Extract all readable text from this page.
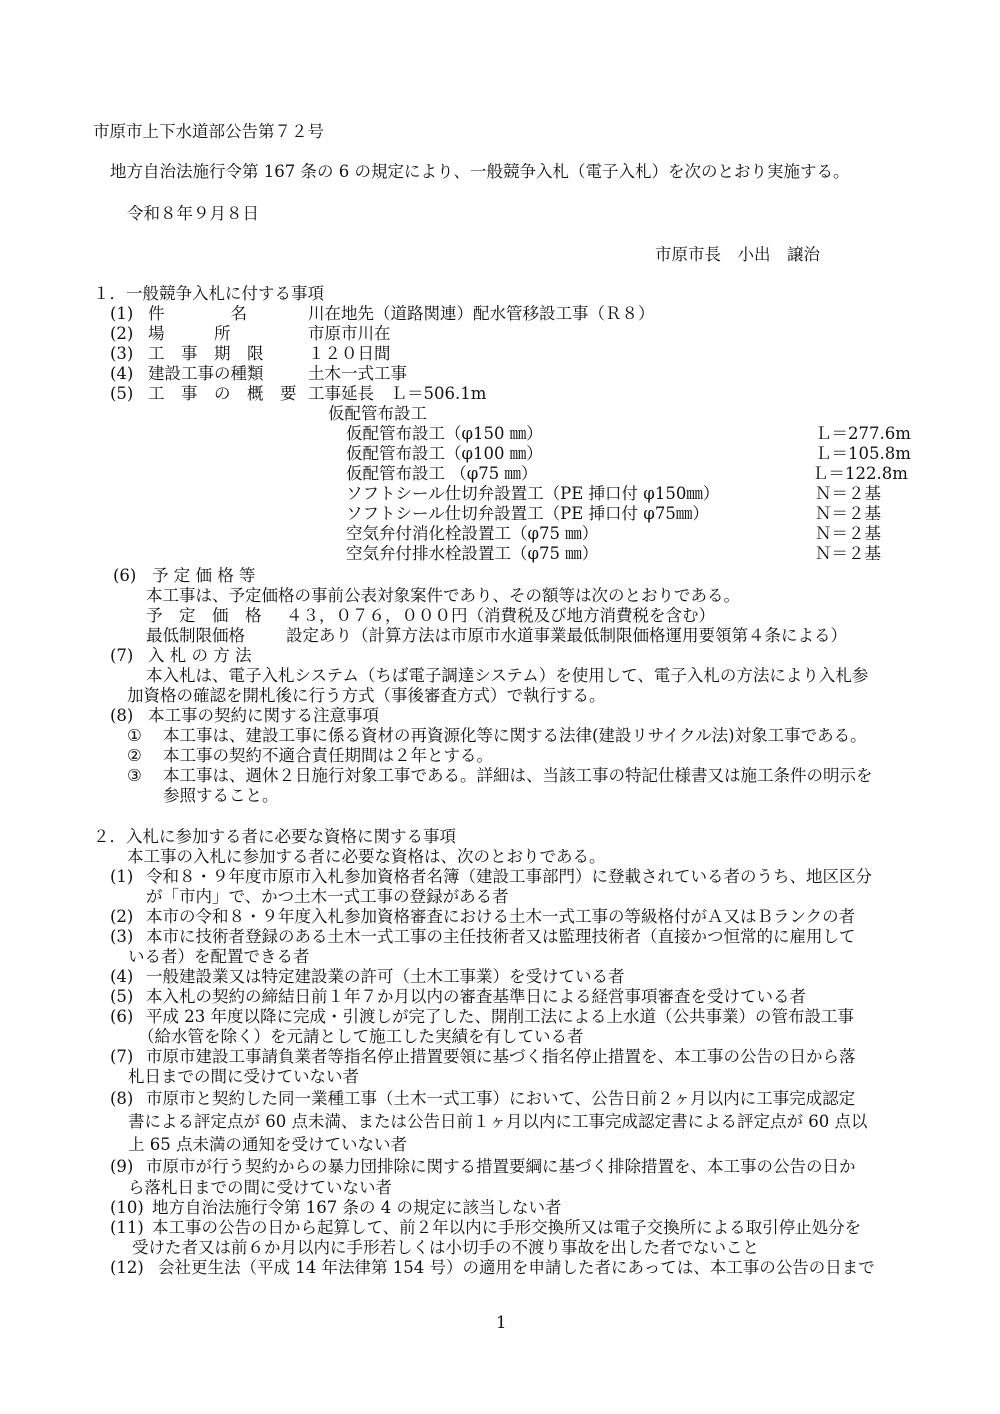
市原市上下水道部公告第７２号
地方自治法施行令第 167 条の 6 の規定により、一般競争入札（電子入札）を次のとおり実施する。
令和８年９月８日
市原市長　小出　譲治
１．一般競争入札に付する事項
(1) 件　　　　名	川在地先（道路関連）配水管移設工事（Ｒ８）
(2) 場　　　所	市原市川在
(3) 工　事　期　限	１２０日間
(4) 建設工事の種類	土木一式工事
(5) 工　事　の　概　要 工事延長　Ｌ＝506.1m
仮配管布設工
仮配管布設工（φ150 ㎜）	Ｌ＝277.6m
仮配管布設工（φ100 ㎜）	Ｌ＝105.8m
仮配管布設工 （φ75 ㎜）	Ｌ＝122.8m
ソフトシール仕切弁設置工（PE 挿口付 φ150㎜）	Ｎ＝２基
ソフトシール仕切弁設置工（PE 挿口付 φ75㎜）	Ｎ＝２基
空気弁付消化栓設置工（φ75 ㎜）	Ｎ＝２基
空気弁付排水栓設置工（φ75 ㎜）	Ｎ＝２基
(6) 予 定 価 格 等
本工事は、予定価格の事前公表対象案件であり、その額等は次のとおりである。
予　定　価　格 ４３，０７６，０００円（消費税及び地方消費税を含む）
最低制限価格 設定あり（計算方法は市原市水道事業最低制限価格運用要領第４条による）
(7) 入 札 の 方 法
本入札は、電子入札システム（ちば電子調達システム）を使用して、電子入札の方法により入札参
加資格の確認を開札後に行う方式（事後審査方式）で執行する。
(8) 本工事の契約に関する注意事項
① 本工事は、建設工事に係る資材の再資源化等に関する法律(建設リサイクル法)対象工事である。
② 本工事の契約不適合責任期間は２年とする。
③ 本工事は、週休２日施行対象工事である。詳細は、当該工事の特記仕様書又は施工条件の明示を
参照すること。
２．入札に参加する者に必要な資格に関する事項
本工事の入札に参加する者に必要な資格は、次のとおりである。
(1) 令和８・９年度市原市入札参加資格者名簿（建設工事部門）に登載されている者のうち、地区区分
が「市内」で、かつ土木一式工事の登録がある者
(2) 本市の令和８・９年度入札参加資格審査における土木一式工事の等級格付がＡ又はＢランクの者
(3) 本市に技術者登録のある土木一式工事の主任技術者又は監理技術者（直接かつ恒常的に雇用して
いる者）を配置できる者
(4) 一般建設業又は特定建設業の許可（土木工事業）を受けている者
(5) 本入札の契約の締結日前１年７か月以内の審査基準日による経営事項審査を受けている者
(6) 平成 23 年度以降に完成・引渡しが完了した、開削工法による上水道（公共事業）の管布設工事
（給水管を除く）を元請として施工した実績を有している者
(7) 市原市建設工事請負業者等指名停止措置要領に基づく指名停止措置を、本工事の公告の日から落
札日までの間に受けていない者
(8) 市原市と契約した同一業種工事（土木一式工事）において、公告日前２ヶ月以内に工事完成認定
書による評定点が 60 点未満、または公告日前１ヶ月以内に工事完成認定書による評定点が 60 点以
上 65 点未満の通知を受けていない者
(9) 市原市が行う契約からの暴力団排除に関する措置要綱に基づく排除措置を、本工事の公告の日か
ら落札日までの間に受けていない者
(10) 地方自治法施行令第 167 条の 4 の規定に該当しない者
(11) 本工事の公告の日から起算して、前２年以内に手形交換所又は電子交換所による取引停止処分を
受けた者又は前６か月以内に手形若しくは小切手の不渡り事故を出した者でないこと
(12) 会社更生法（平成 14 年法律第 154 号）の適用を申請した者にあっては、本工事の公告の日まで
1
